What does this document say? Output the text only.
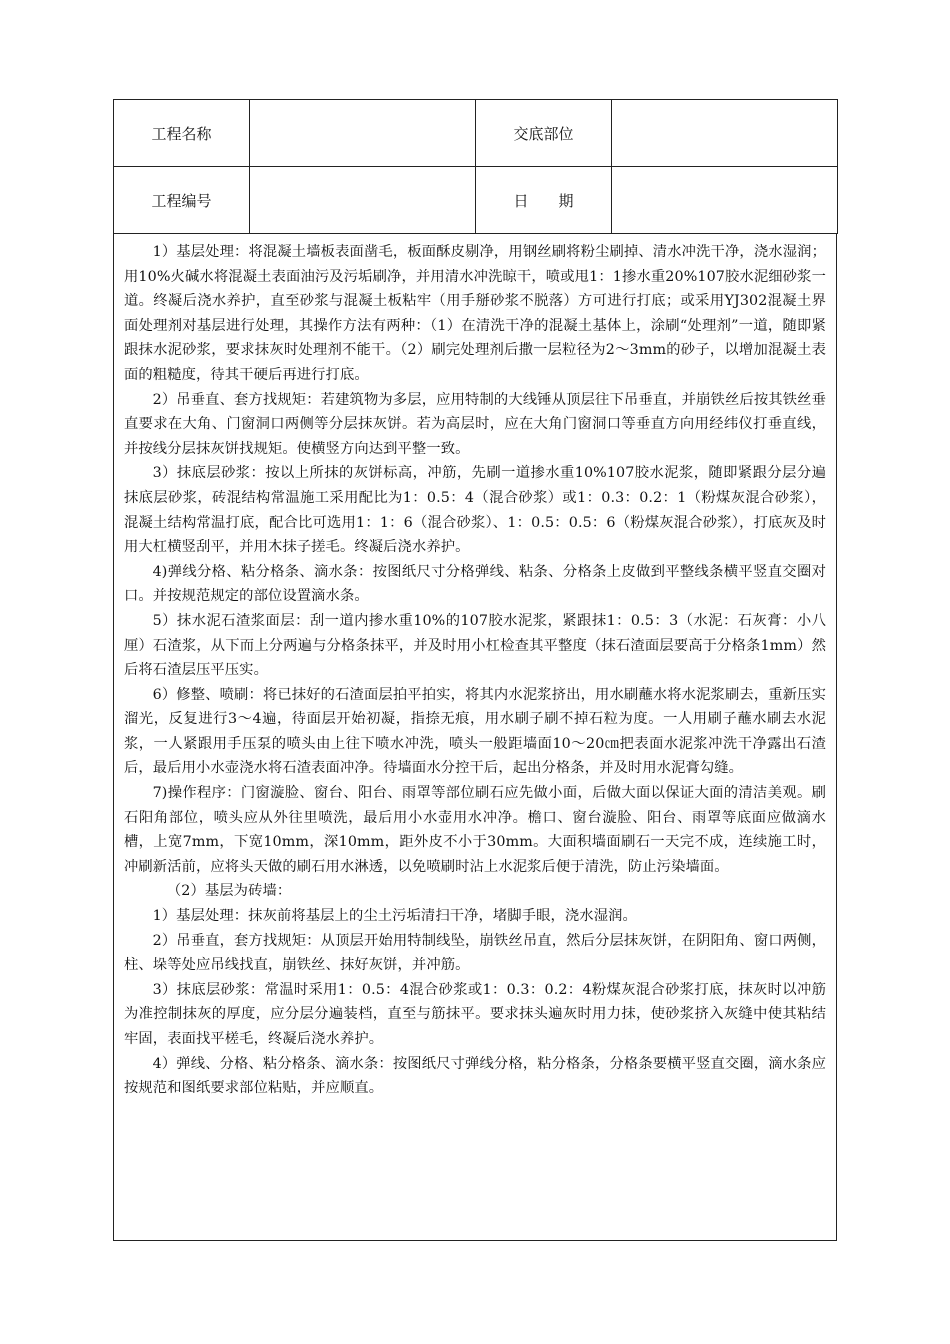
工程名称		交底部位	
工程编号		日　　期	

1）基层处理：将混凝土墙板表面凿毛，板面酥皮剔净，用钢丝刷将粉尘刷掉、清水冲洗干净，浇水湿润；用10%火碱水将混凝土表面油污及污垢刷净，并用清水冲洗晾干，喷或甩1：1掺水重20%107胶水泥细砂浆一道。终凝后浇水养护，直至砂浆与混凝土板粘牢（用手掰砂浆不脱落）方可进行打底；或采用YJ302混凝土界面处理剂对基层进行处理，其操作方法有两种：（1）在清洗干净的混凝土基体上，涂刷“处理剂”一道，随即紧跟抹水泥砂浆，要求抹灰时处理剂不能干。（2）刷完处理剂后撒一层粒径为2～3mm的砂子，以增加混凝土表面的粗糙度，待其干硬后再进行打底。

2）吊垂直、套方找规矩：若建筑物为多层，应用特制的大线锤从顶层往下吊垂直，并崩铁丝后按其铁丝垂直要求在大角、门窗洞口两侧等分层抹灰饼。若为高层时，应在大角门窗洞口等垂直方向用经纬仪打垂直线，并按线分层抹灰饼找规矩。使横竖方向达到平整一致。

3）抹底层砂浆：按以上所抹的灰饼标高，冲筋，先刷一道掺水重10%107胶水泥浆，随即紧跟分层分遍抹底层砂浆，砖混结构常温施工采用配比为1：0.5：4（混合砂浆）或1：0.3：0.2：1（粉煤灰混合砂浆），混凝土结构常温打底，配合比可选用1：1：6（混合砂浆）、1：0.5：0.5：6（粉煤灰混合砂浆），打底灰及时用大杠横竖刮平，并用木抹子搓毛。终凝后浇水养护。

4)弹线分格、粘分格条、滴水条：按图纸尺寸分格弹线、粘条、分格条上皮做到平整线条横平竖直交圈对口。并按规范规定的部位设置滴水条。

5）抹水泥石渣浆面层：刮一道内掺水重10%的107胶水泥浆，紧跟抹1：0.5：3（水泥：石灰膏：小八厘）石渣浆，从下而上分两遍与分格条抹平，并及时用小杠检查其平整度（抹石渣面层要高于分格条1mm）然后将石渣层压平压实。

6）修整、喷刷：将已抹好的石渣面层拍平拍实，将其内水泥浆挤出，用水刷蘸水将水泥浆刷去，重新压实溜光，反复进行3～4遍，待面层开始初凝，指捺无痕，用水刷子刷不掉石粒为度。一人用刷子蘸水刷去水泥浆，一人紧跟用手压泵的喷头由上往下喷水冲洗，喷头一般距墙面10～20㎝把表面水泥浆冲洗干净露出石渣后，最后用小水壶浇水将石渣表面冲净。待墙面水分控干后，起出分格条，并及时用水泥膏勾缝。

7)操作程序：门窗漩脸、窗台、阳台、雨罩等部位刷石应先做小面，后做大面以保证大面的清洁美观。刷石阳角部位，喷头应从外往里喷洗，最后用小水壶用水冲净。檐口、窗台漩脸、阳台、雨罩等底面应做滴水槽，上宽7mm，下宽10mm，深10mm，距外皮不小于30mm。大面积墙面刷石一天完不成，连续施工时，冲刷新活前，应将头天做的刷石用水淋透，以免喷刷时沾上水泥浆后便于清洗，防止污染墙面。

（2）基层为砖墙：

1）基层处理：抹灰前将基层上的尘土污垢清扫干净，堵脚手眼，浇水湿润。

2）吊垂直，套方找规矩：从顶层开始用特制线坠，崩铁丝吊直，然后分层抹灰饼，在阴阳角、窗口两侧，柱、垛等处应吊线找直，崩铁丝、抹好灰饼，并冲筋。

3）抹底层砂浆：常温时采用1：0.5：4混合砂浆或1：0.3：0.2：4粉煤灰混合砂浆打底，抹灰时以冲筋为准控制抹灰的厚度，应分层分遍装档，直至与筋抹平。要求抹头遍灰时用力抹，使砂浆挤入灰缝中使其粘结牢固，表面找平槎毛，终凝后浇水养护。

4）弹线、分格、粘分格条、滴水条：按图纸尺寸弹线分格，粘分格条，分格条要横平竖直交圈，滴水条应按规范和图纸要求部位粘贴，并应顺直。
